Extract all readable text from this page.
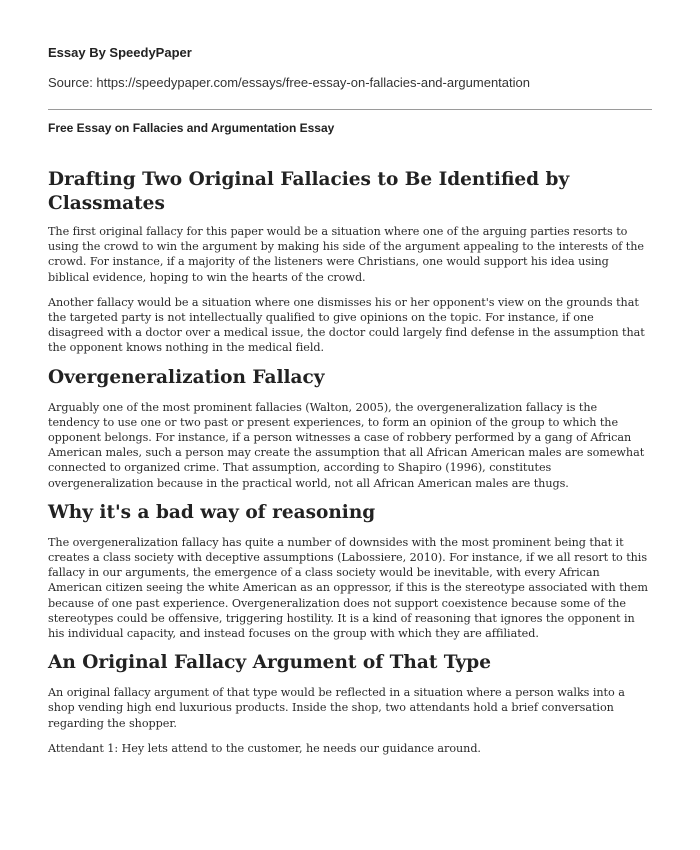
Essay By SpeedyPaper
Source: https://speedypaper.com/essays/free-essay-on-fallacies-and-argumentation
Free Essay on Fallacies and Argumentation Essay
Drafting Two Original Fallacies to Be Identified by Classmates

The first original fallacy for this paper would be a situation where one of the arguing parties resorts to using the crowd to win the argument by making his side of the argument appealing to the interests of the crowd. For instance, if a majority of the listeners were Christians, one would support his idea using biblical evidence, hoping to win the hearts of the crowd.

Another fallacy would be a situation where one dismisses his or her opponent's view on the grounds that the targeted party is not intellectually qualified to give opinions on the topic. For instance, if one disagreed with a doctor over a medical issue, the doctor could largely find defense in the assumption that the opponent knows nothing in the medical field.

Overgeneralization Fallacy

Arguably one of the most prominent fallacies (Walton, 2005), the overgeneralization fallacy is the tendency to use one or two past or present experiences, to form an opinion of the group to which the opponent belongs. For instance, if a person witnesses a case of robbery performed by a gang of African American males, such a person may create the assumption that all African American males are somewhat connected to organized crime. That assumption, according to Shapiro (1996), constitutes overgeneralization because in the practical world, not all African American males are thugs.

Why it's a bad way of reasoning

The overgeneralization fallacy has quite a number of downsides with the most prominent being that it creates a class society with deceptive assumptions (Labossiere, 2010). For instance, if we all resort to this fallacy in our arguments, the emergence of a class society would be inevitable, with every African American citizen seeing the white American as an oppressor, if this is the stereotype associated with them because of one past experience. Overgeneralization does not support coexistence because some of the stereotypes could be offensive, triggering hostility. It is a kind of reasoning that ignores the opponent in his individual capacity, and instead focuses on the group with which they are affiliated.

An Original Fallacy Argument of That Type

An original fallacy argument of that type would be reflected in a situation where a person walks into a shop vending high end luxurious products. Inside the shop, two attendants hold a brief conversation regarding the shopper.

Attendant 1: Hey lets attend to the customer, he needs our guidance around.
